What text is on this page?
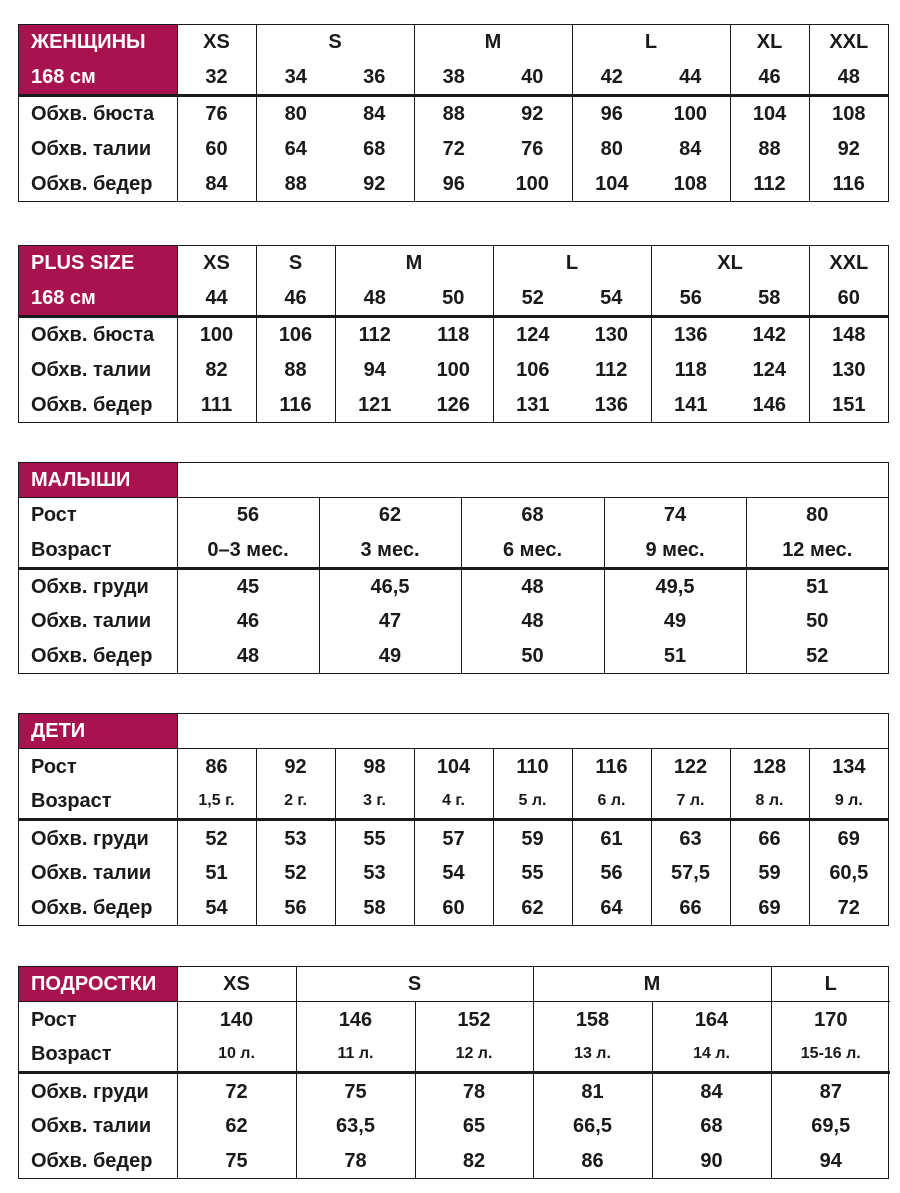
ЖЕНЩИНЫ	XS	S		M		L		XL	XXL
168 см	32	34	36	38	40	42	44	46	48
Обхв. бюста	76	80	84	88	92	96	100	104	108
Обхв. талии	60	64	68	72	76	80	84	88	92
Обхв. бедер	84	88	92	96	100	104	108	112	116
PLUS SIZE	XS	S	M		L		XL		XXL
168 см	44	46	48	50	52	54	56	58	60
Обхв. бюста	100	106	112	118	124	130	136	142	148
Обхв. талии	82	88	94	100	106	112	118	124	130
Обхв. бедер	111	116	121	126	131	136	141	146	151
МАЛЫШИ					
Рост	56	62	68	74	80
Возраст	0–3 мес.	3 мес.	6 мес.	9 мес.	12 мес.
Обхв. груди	45	46,5	48	49,5	51
Обхв. талии	46	47	48	49	50
Обхв. бедер	48	49	50	51	52
ДЕТИ									
Рост	86	92	98	104	110	116	122	128	134
Возраст	1,5 г.	2 г.	3 г.	4 г.	5 л.	6 л.	7 л.	8 л.	9 л.
Обхв. груди	52	53	55	57	59	61	63	66	69
Обхв. талии	51	52	53	54	55	56	57,5	59	60,5
Обхв. бедер	54	56	58	60	62	64	66	69	72
ПОДРОСТКИ	XS	S		M		L
Рост	140	146	152	158	164	170
Возраст	10 л.	11 л.	12 л.	13 л.	14 л.	15-16 л.
Обхв. груди	72	75	78	81	84	87
Обхв. талии	62	63,5	65	66,5	68	69,5
Обхв. бедер	75	78	82	86	90	94
